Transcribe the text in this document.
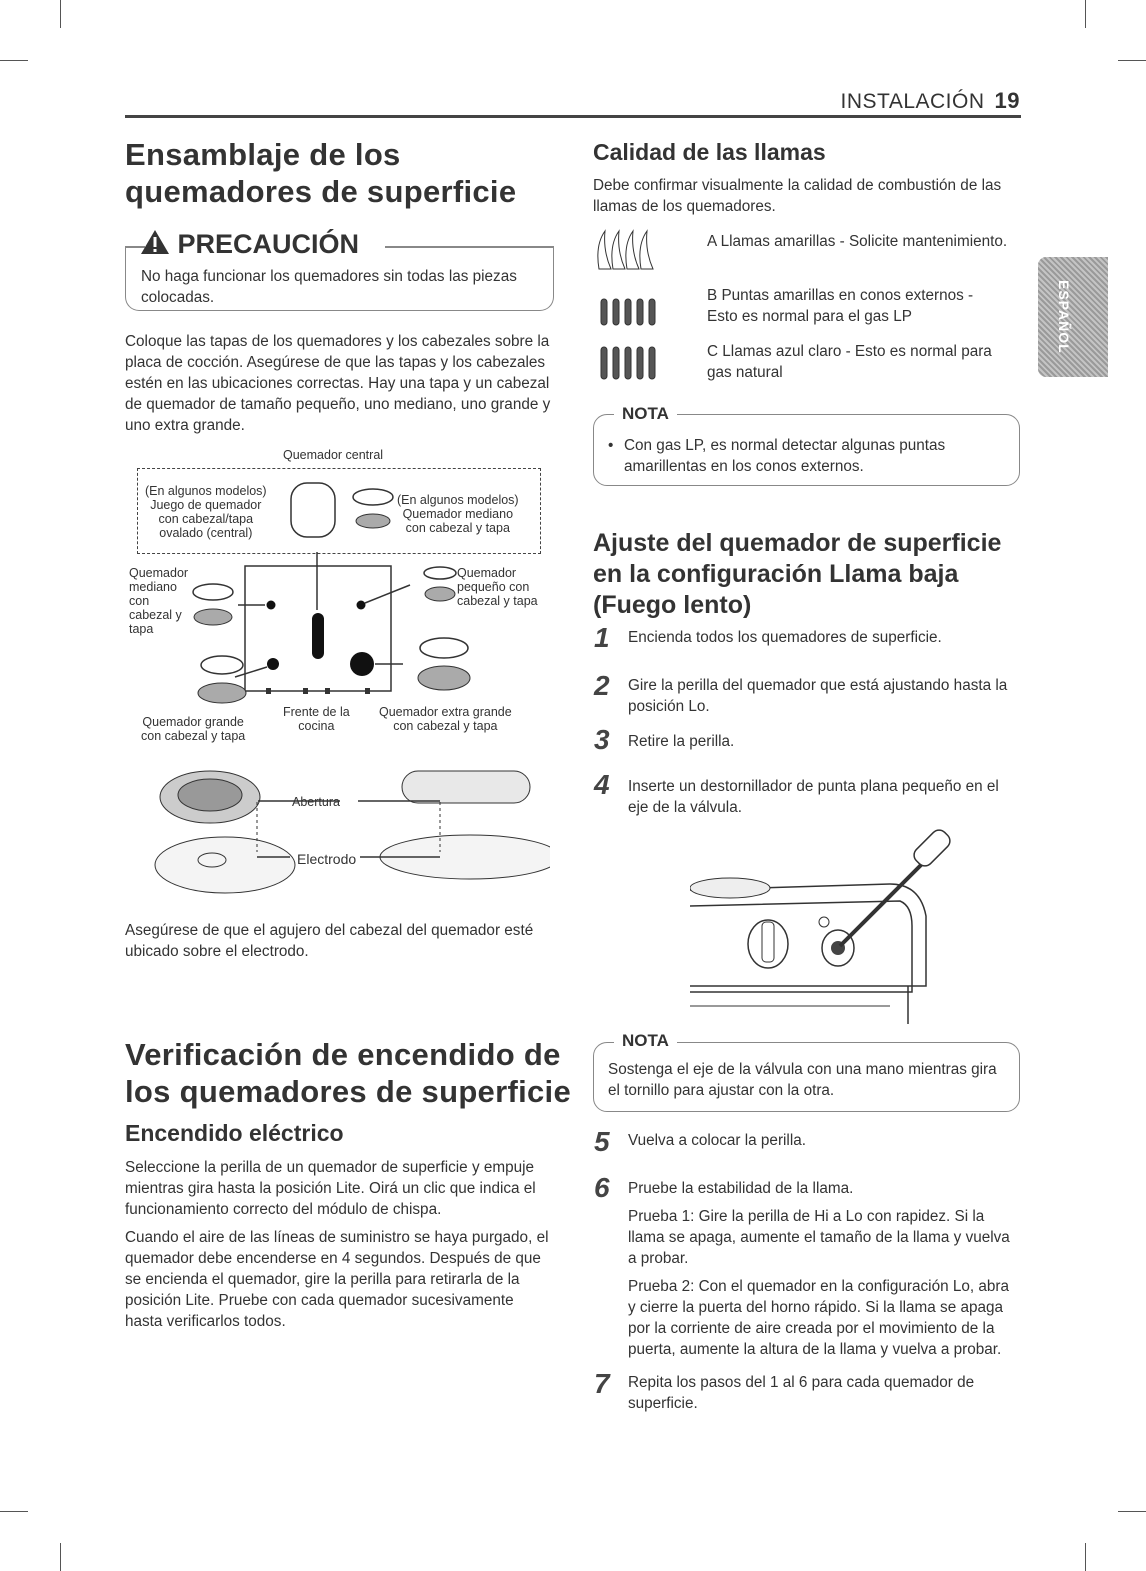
INSTALACIÓN 19
ESPAÑOL
Ensamblaje de los
quemadores de superficie
PRECAUCIÓN

No haga funcionar los quemadores sin todas las piezas colocadas.

Coloque las tapas de los quemadores y los cabezales sobre la placa de cocción. Asegúrese de que las tapas y los cabezales estén en las ubicaciones correctas. Hay una tapa y un cabezal de quemador de tamaño pequeño, uno mediano, uno grande y uno extra grande.

Quemador central
(En algunos modelos)
Juego de quemador
con cabezal/tapa
ovalado (central)
(En algunos modelos)
Quemador mediano
con cabezal y tapa
Quemador
mediano
con
cabezal y
tapa
Quemador
pequeño con
cabezal y tapa
Quemador grande
con cabezal y tapa
Frente de la
cocina
Quemador extra grande
con cabezal y tapa
Abertura
Electrodo

Asegúrese de que el agujero del cabezal del quemador esté ubicado sobre el electrodo.

Verificación de encendido de
los quemadores de superficie
Encendido eléctrico

Seleccione la perilla de un quemador de superficie y empuje mientras gira hasta la posición Lite. Oirá un clic que indica el funcionamiento correcto del módulo de chispa.

Cuando el aire de las líneas de suministro se haya purgado, el quemador debe encenderse en 4 segundos. Después de que se encienda el quemador, gire la perilla para retirarla de la posición Lite. Pruebe con cada quemador sucesivamente hasta verificarlos todos.

Calidad de las llamas

Debe confirmar visualmente la calidad de combustión de las llamas de los quemadores.

A Llamas amarillas - Solicite mantenimiento.

B Puntas amarillas en conos externos -

Esto es normal para el gas LP

C Llamas azul claro - Esto es normal para

gas natural

NOTA

• Con gas LP, es normal detectar algunas puntas amarillentas en los conos externos.

Ajuste del quemador de superficie en la configuración Llama baja (Fuego lento)
1 Encienda todos los quemadores de superficie.

2 Gire la perilla del quemador que está ajustando hasta la posición Lo.

3 Retire la perilla.

4 Inserte un destornillador de punta plana pequeño en el eje de la válvula.

NOTA

Sostenga el eje de la válvula con una mano mientras gira el tornillo para ajustar con la otra.

5 Vuelva a colocar la perilla.

6 Pruebe la estabilidad de la llama.

Prueba 1: Gire la perilla de Hi a Lo con rapidez. Si la llama se apaga, aumente el tamaño de la llama y vuelva a probar.

Prueba 2: Con el quemador en la configuración Lo, abra y cierre la puerta del horno rápido. Si la llama se apaga por la corriente de aire creada por el movimiento de la puerta, aumente la altura de la llama y vuelva a probar.

7 Repita los pasos del 1 al 6 para cada quemador de superficie.
